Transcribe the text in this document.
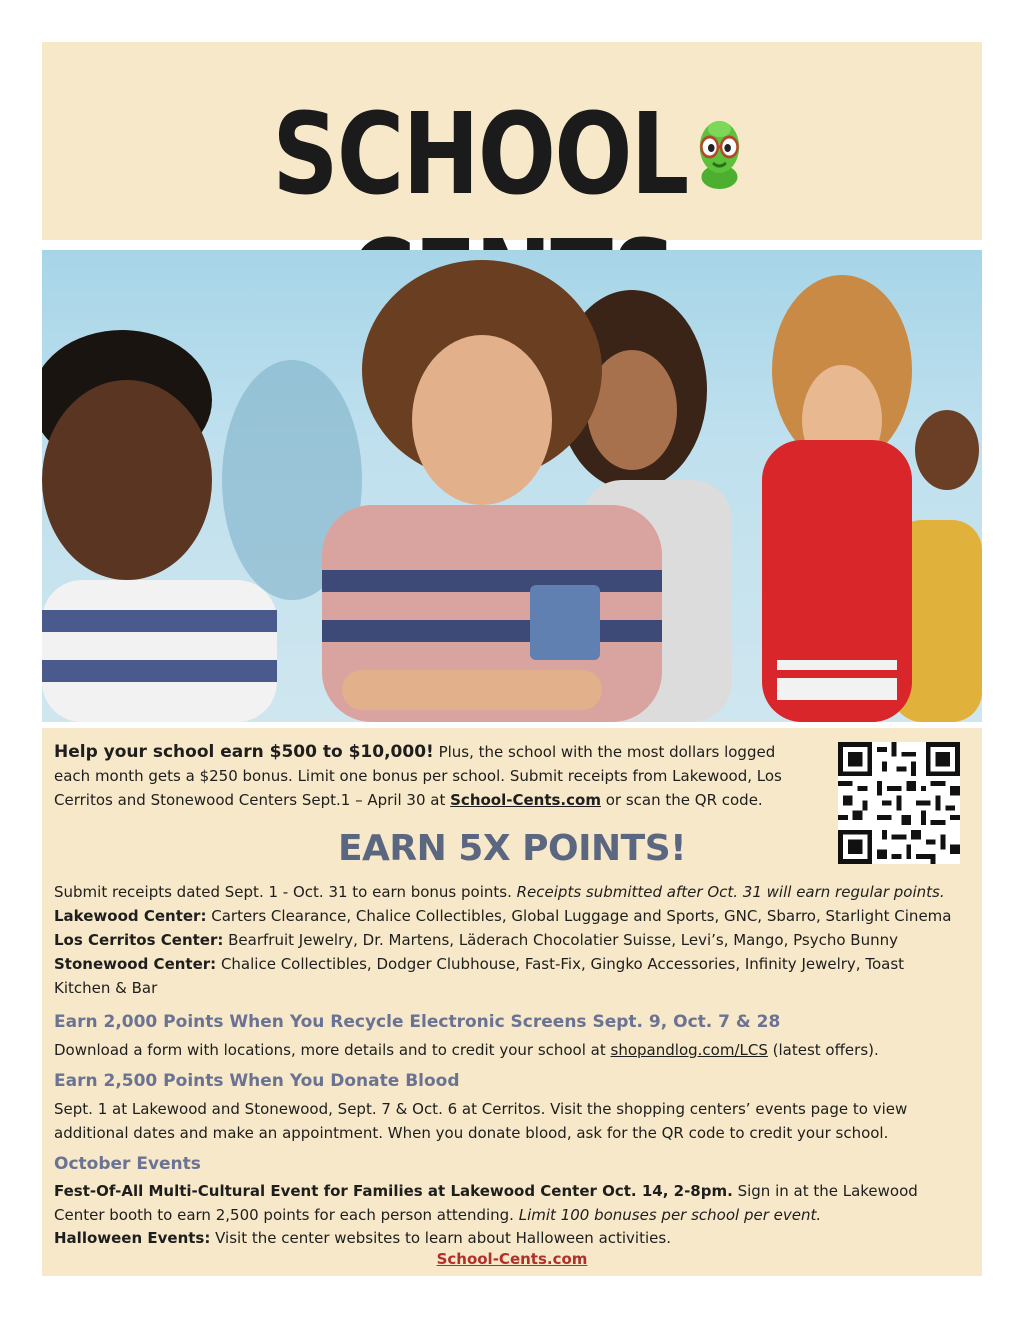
SCHOOL
Help your school earn $500 to $10,000! Plus, the school with the most dollars logged each month gets a $250 bonus. Limit one bonus per school. Submit receipts from Lakewood, Los Cerritos and Stonewood Centers Sept.1 – April 30 at School-Cents.com or scan the QR code.
EARN 5X POINTS!
Submit receipts dated Sept. 1 - Oct. 31 to earn bonus points. Receipts submitted after Oct. 31 will earn regular points.
Lakewood Center: Carters Clearance, Chalice Collectibles, Global Luggage and Sports, GNC, Sbarro, Starlight Cinema
Los Cerritos Center: Bearfruit Jewelry, Dr. Martens, Läderach Chocolatier Suisse, Levi’s, Mango, Psycho Bunny
Stonewood Center: Chalice Collectibles, Dodger Clubhouse, Fast-Fix, Gingko Accessories, Infinity Jewelry, Toast Kitchen & Bar
Earn 2,000 Points When You Recycle Electronic Screens Sept. 9, Oct. 7 & 28
Download a form with locations, more details and to credit your school at shopandlog.com/LCS (latest offers).
Earn 2,500 Points When You Donate Blood
Sept. 1 at Lakewood and Stonewood, Sept. 7 & Oct. 6 at Cerritos. Visit the shopping centers’ events page to view additional dates and make an appointment. When you donate blood, ask for the QR code to credit your school.
October Events
Fest-Of-All Multi-Cultural Event for Families at Lakewood Center Oct. 14, 2-8pm. Sign in at the Lakewood Center booth to earn 2,500 points for each person attending. Limit 100 bonuses per school per event.
Halloween Events: Visit the center websites to learn about Halloween activities.
School-Cents.com
